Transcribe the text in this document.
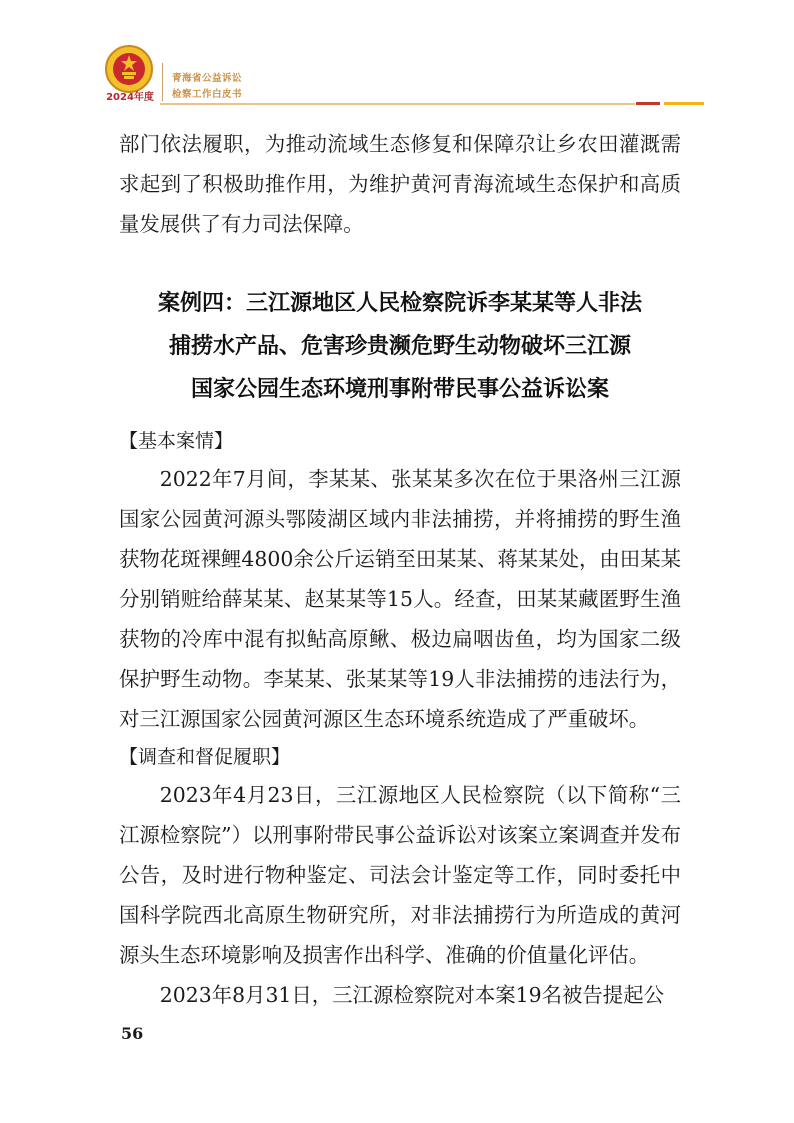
2024年度
青海省公益诉讼
检察工作白皮书

部门依法履职，为推动流域生态修复和保障尕让乡农田灌溉需求起到了积极助推作用，为维护黄河青海流域生态保护和高质量发展供了有力司法保障。

案例四：三江源地区人民检察院诉李某某等人非法
捕捞水产品、危害珍贵濒危野生动物破坏三江源
国家公园生态环境刑事附带民事公益诉讼案

【基本案情】

2022年7月间，李某某、张某某多次在位于果洛州三江源国家公园黄河源头鄂陵湖区域内非法捕捞，并将捕捞的野生渔获物花斑裸鲤4800余公斤运销至田某某、蒋某某处，由田某某分别销赃给薛某某、赵某某等15人。经查，田某某藏匿野生渔获物的冷库中混有拟鲇高原鳅、极边扁咽齿鱼，均为国家二级保护野生动物。李某某、张某某等19人非法捕捞的违法行为，对三江源国家公园黄河源区生态环境系统造成了严重破坏。

【调查和督促履职】

2023年4月23日，三江源地区人民检察院（以下简称“三江源检察院”）以刑事附带民事公益诉讼对该案立案调查并发布公告，及时进行物种鉴定、司法会计鉴定等工作，同时委托中国科学院西北高原生物研究所，对非法捕捞行为所造成的黄河源头生态环境影响及损害作出科学、准确的价值量化评估。

2023年8月31日，三江源检察院对本案19名被告提起公

56
